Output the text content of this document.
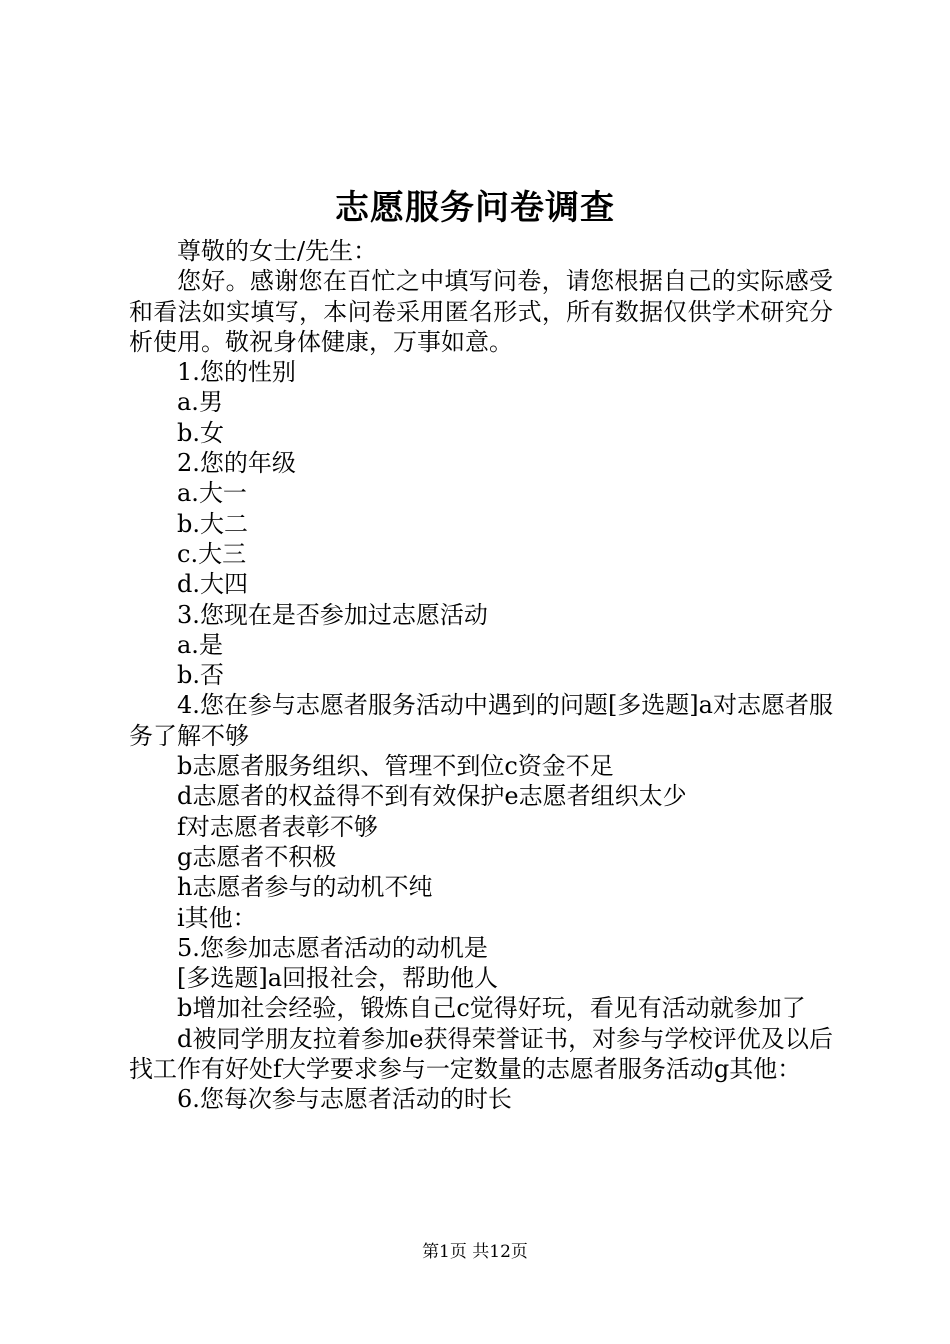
志愿服务问卷调查

尊敬的女士/先生：

您好。感谢您在百忙之中填写问卷，请您根据自己的实际感受和看法如实填写，本问卷采用匿名形式，所有数据仅供学术研究分析使用。敬祝身体健康，万事如意。

1.您的性别

a.男

b.女

2.您的年级

a.大一

b.大二

c.大三

d.大四

3.您现在是否参加过志愿活动

a.是

b.否

4.您在参与志愿者服务活动中遇到的问题[多选题]a对志愿者服务了解不够

b志愿者服务组织、管理不到位c资金不足

d志愿者的权益得不到有效保护e志愿者组织太少

f对志愿者表彰不够

g志愿者不积极

h志愿者参与的动机不纯

i其他：

5.您参加志愿者活动的动机是

[多选题]a回报社会，帮助他人

b增加社会经验，锻炼自己c觉得好玩，看见有活动就参加了

d被同学朋友拉着参加e获得荣誉证书，对参与学校评优及以后找工作有好处f大学要求参与一定数量的志愿者服务活动g其他：

6.您每次参与志愿者活动的时长

第1页 共12页
